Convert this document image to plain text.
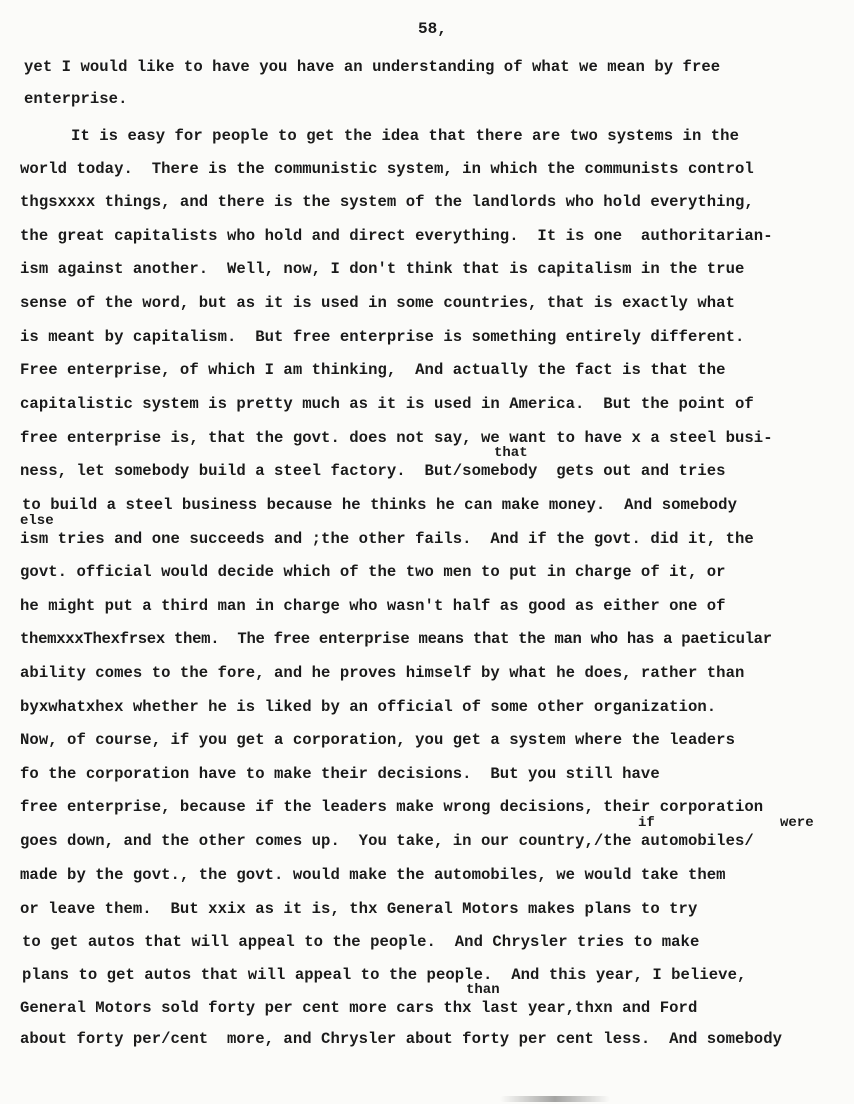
58,
yet I would like to have you have an understanding of what we mean by free
enterprise.
It is easy for people to get the idea that there are two systems in the
world today.  There is the communistic system, in which the communists control
thgsxxxx things, and there is the system of the landlords who hold everything,
the great capitalists who hold and direct everything.  It is one  authoritarian-
ism against another.  Well, now, I don't think that is capitalism in the true
sense of the word, but as it is used in some countries, that is exactly what
is meant by capitalism.  But free enterprise is something entirely different.
Free enterprise, of which I am thinking,  And actually the fact is that the
capitalistic system is pretty much as it is used in America.  But the point of
free enterprise is, that the govt. does not say, we want to have x a steel busi-
that
ness, let somebody build a steel factory.  But/somebody  gets out and tries
to build a steel business because he thinks he can make money.  And somebody
else
ism tries and one succeeds and ;the other fails.  And if the govt. did it, the
govt. official would decide which of the two men to put in charge of it, or
he might put a third man in charge who wasn't half as good as either one of
themxxxThexfrsex them.  The free enterprise means that the man who has a paeticular
ability comes to the fore, and he proves himself by what he does, rather than
byxwhatxhex whether he is liked by an official of some other organization.
Now, of course, if you get a corporation, you get a system where the leaders
fo the corporation have to make their decisions.  But you still have
free enterprise, because if the leaders make wrong decisions, their corporation
if	were
goes down, and the other comes up.  You take, in our country,/the automobiles/
made by the govt., the govt. would make the automobiles, we would take them
or leave them.  But xxix as it is, thx General Motors makes plans to try
to get autos that will appeal to the people.  And Chrysler tries to make
plans to get autos that will appeal to the people.  And this year, I believe,
than
General Motors sold forty per cent more cars thx last year,thxn and Ford
about forty per/cent  more, and Chrysler about forty per cent less.  And somebody
